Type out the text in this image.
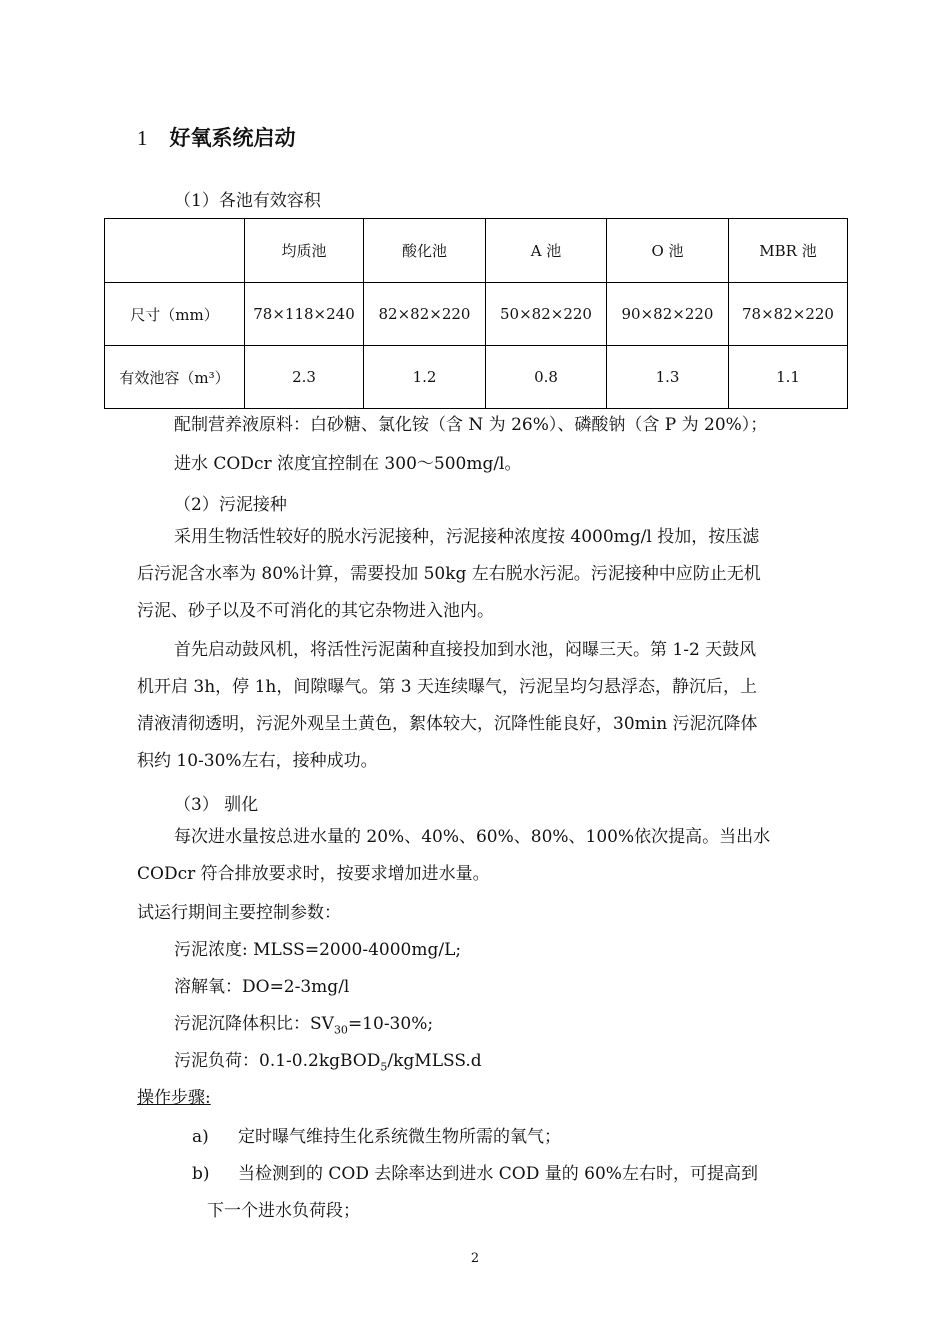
1 好氧系统启动
（1）各池有效容积
	均质池	酸化池	A 池	O 池	MBR 池
尺寸（mm）	78×118×240	82×82×220	50×82×220	90×82×220	78×82×220
有效池容（m³）	2.3	1.2	0.8	1.3	1.1
配制营养液原料：白砂糖、氯化铵（含 N 为 26%）、磷酸钠（含 P 为 20%）；
进水 CODcr 浓度宜控制在 300～500mg/l。
（2）污泥接种
采用生物活性较好的脱水污泥接种，污泥接种浓度按 4000mg/l 投加，按压滤
后污泥含水率为 80%计算，需要投加 50kg 左右脱水污泥。污泥接种中应防止无机
污泥、砂子以及不可消化的其它杂物进入池内。
首先启动鼓风机，将活性污泥菌种直接投加到水池，闷曝三天。第 1-2 天鼓风
机开启 3h，停 1h，间隙曝气。第 3 天连续曝气，污泥呈均匀悬浮态，静沉后，上
清液清彻透明，污泥外观呈土黄色，絮体较大，沉降性能良好，30min 污泥沉降体
积约 10-30%左右，接种成功。
（3） 驯化
每次进水量按总进水量的 20%、40%、60%、80%、100%依次提高。当出水
CODcr 符合排放要求时，按要求增加进水量。
试运行期间主要控制参数：
污泥浓度: MLSS=2000-4000mg/L;
溶解氧：DO=2-3mg/l
污泥沉降体积比：$SV_{30}=10-30\%$;
污泥负荷：0.1-0.2kgBOD$_5$/kgMLSS.d
操作步骤:
a) 定时曝气维持生化系统微生物所需的氧气；
b) 当检测到的 COD 去除率达到进水 COD 量的 60%左右时，可提高到
下一个进水负荷段；
2
